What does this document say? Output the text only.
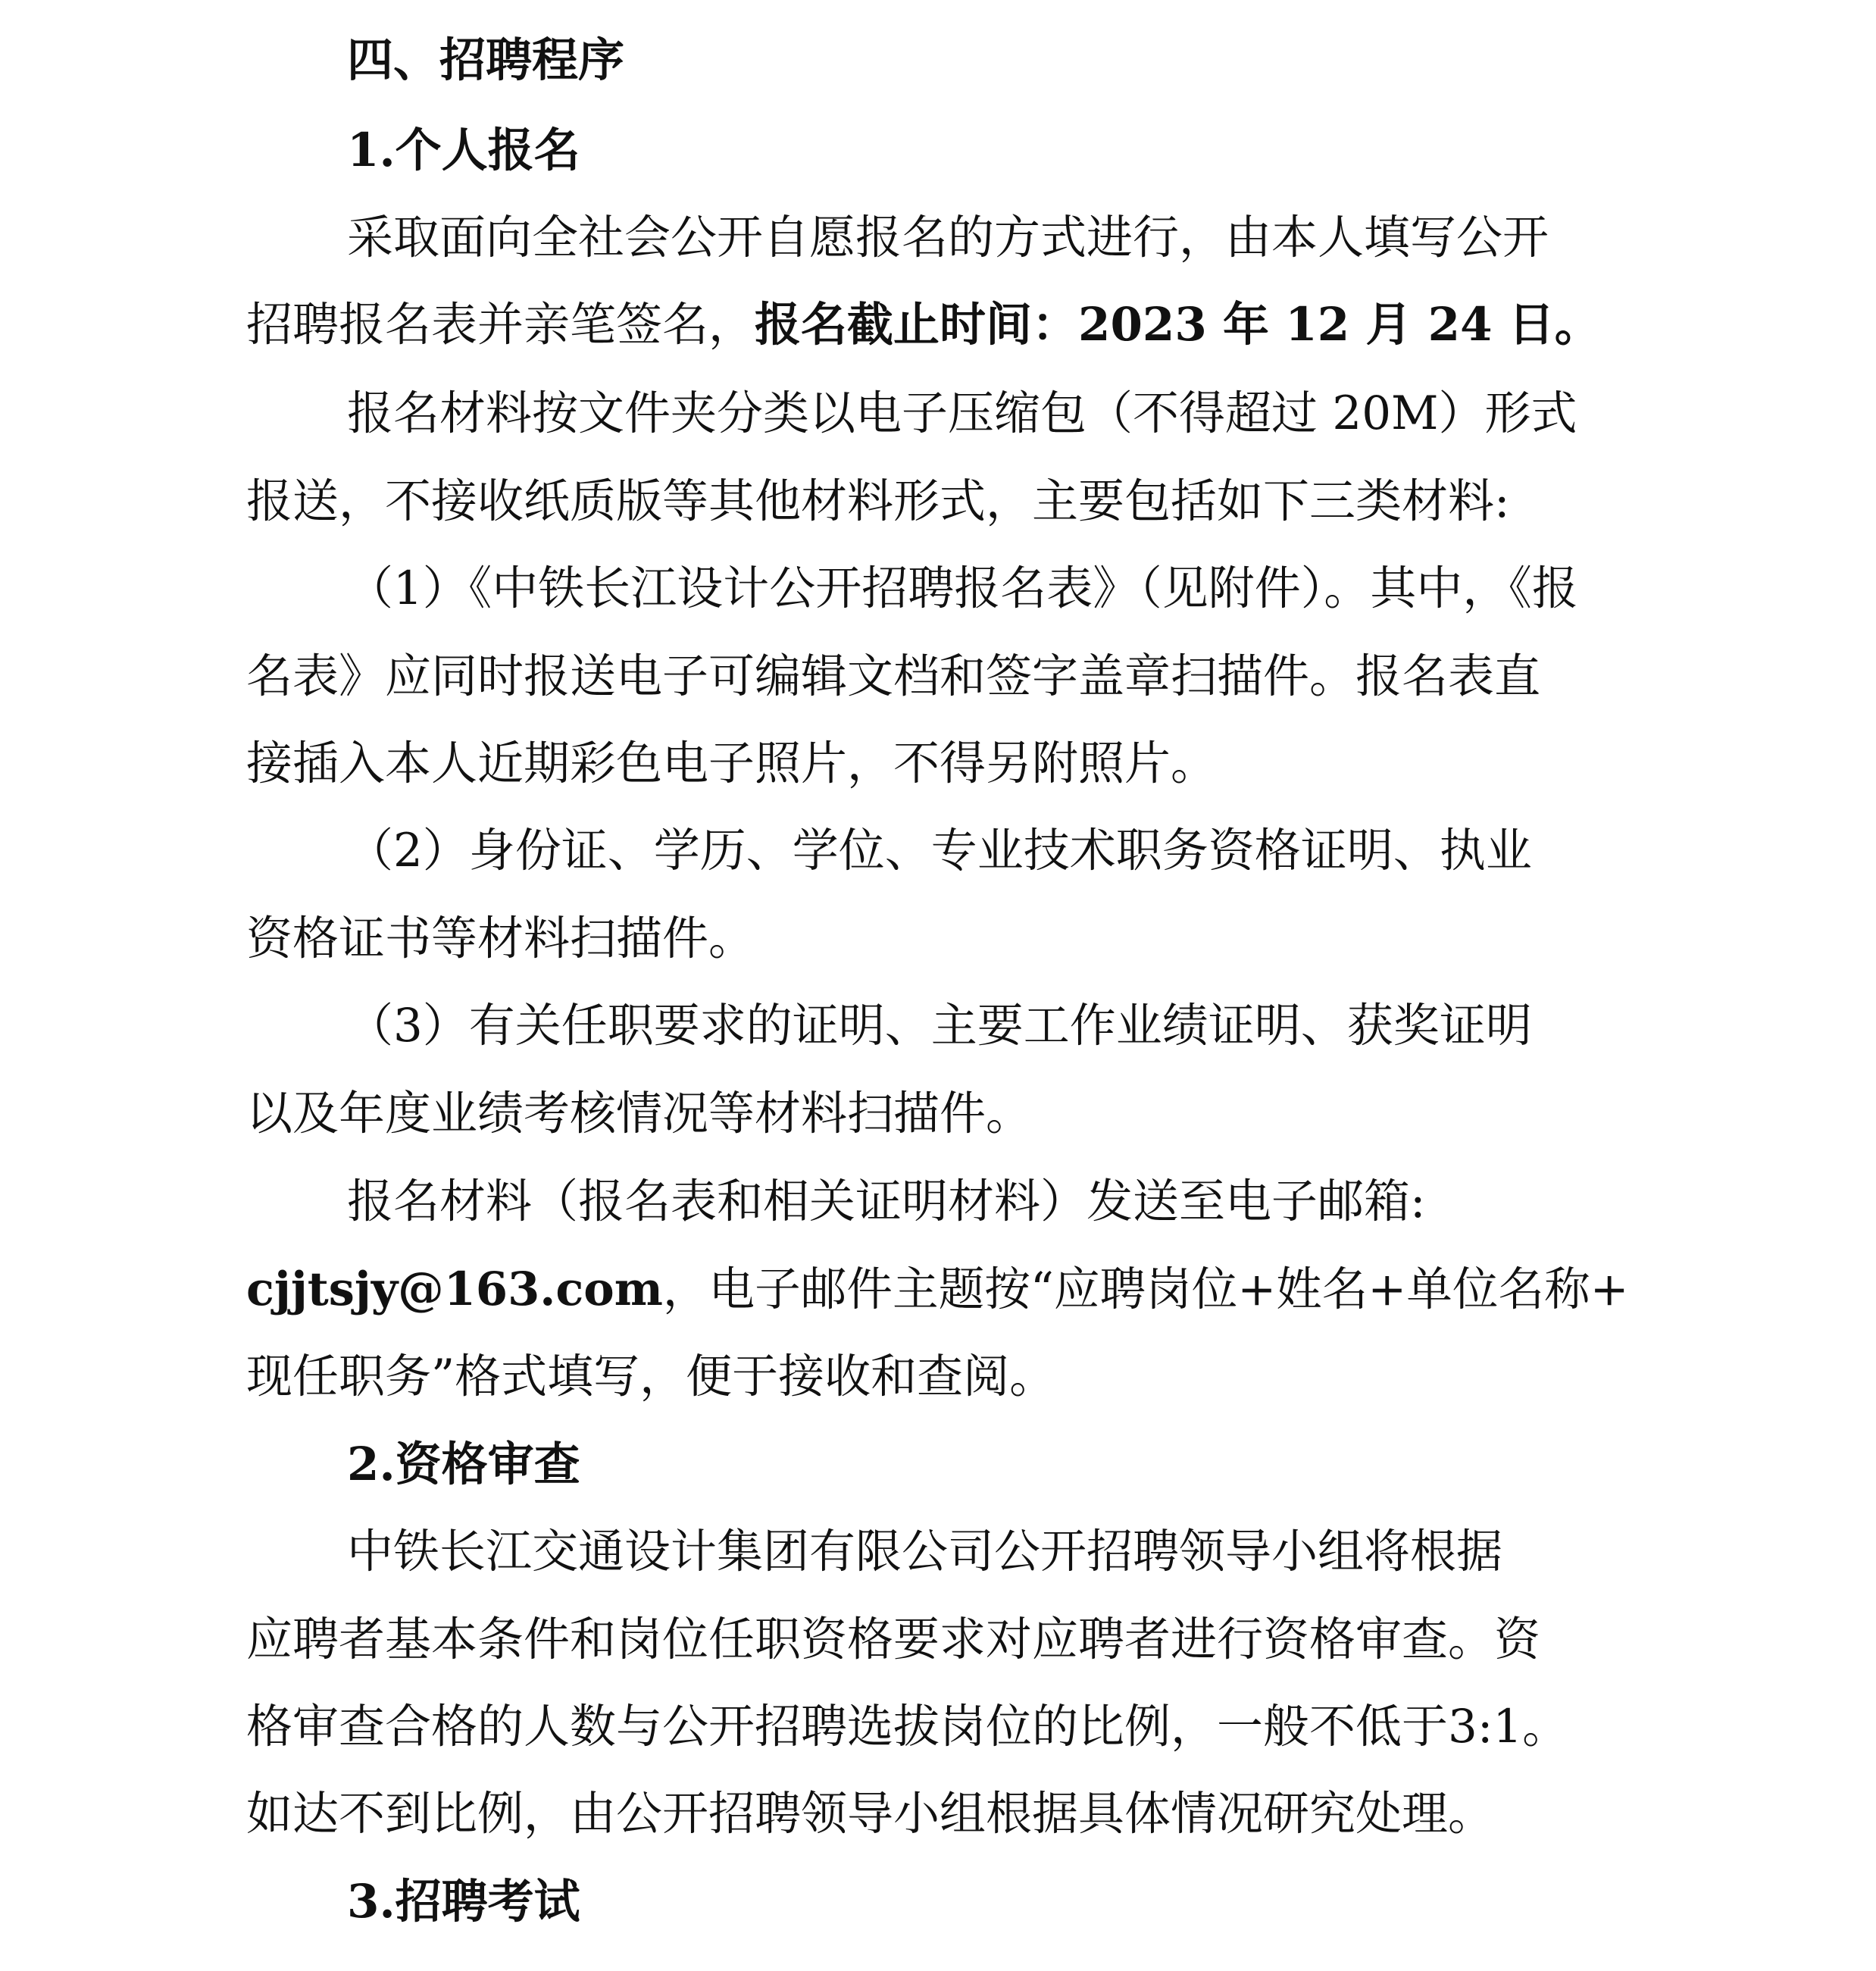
四、招聘程序
1.个人报名
采取面向全社会公开自愿报名的方式进行，由本人填写公开
招聘报名表并亲笔签名，报名截止时间：2023 年 12 月 24 日。
报名材料按文件夹分类以电子压缩包（不得超过 20M）形式
报送，不接收纸质版等其他材料形式，主要包括如下三类材料:
（1）《中铁长江设计公开招聘报名表》（见附件）。其中，《报
名表》应同时报送电子可编辑文档和签字盖章扫描件。报名表直
接插入本人近期彩色电子照片，不得另附照片。
（2）身份证、学历、学位、专业技术职务资格证明、执业
资格证书等材料扫描件。
（3）有关任职要求的证明、主要工作业绩证明、获奖证明
以及年度业绩考核情况等材料扫描件。
报名材料（报名表和相关证明材料）发送至电子邮箱:
cjjtsjy@163.com，电子邮件主题按“应聘岗位+姓名+单位名称+
现任职务”格式填写，便于接收和查阅。
2.资格审查
中铁长江交通设计集团有限公司公开招聘领导小组将根据
应聘者基本条件和岗位任职资格要求对应聘者进行资格审查。资
格审查合格的人数与公开招聘选拔岗位的比例，一般不低于3:1。
如达不到比例，由公开招聘领导小组根据具体情况研究处理。
3.招聘考试
